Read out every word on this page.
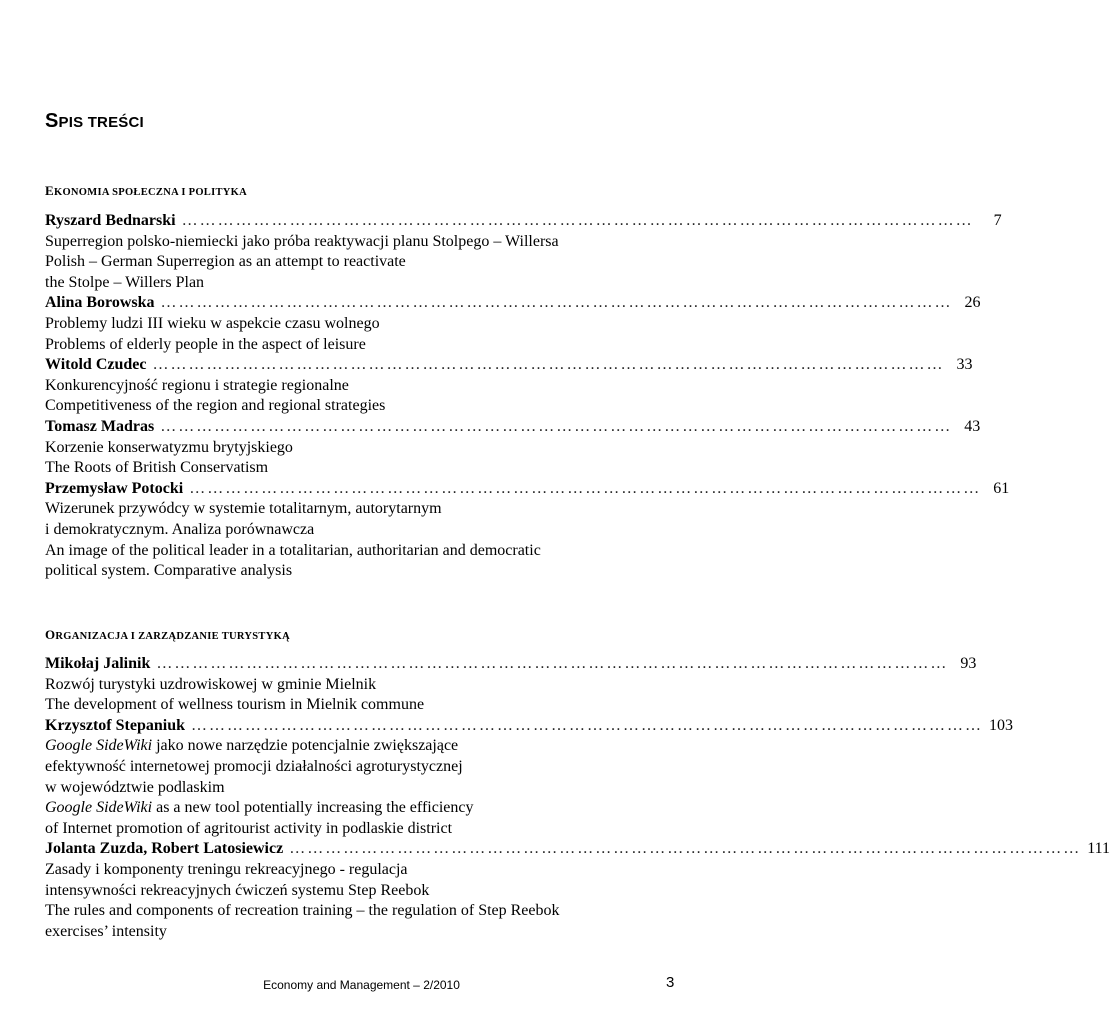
SPIS TREŚCI
EKONOMIA SPOŁECZNA I POLITYKA
Ryszard Bednarski ……………………………………………………………………………………………………………………	7
Superregion polsko-niemiecki jako próba reaktywacji planu Stolpego – Willersa
Polish – German Superregion as an attempt to reactivate
the Stolpe – Willers Plan
Alina Borowska …………………………………………………………………………………………………………………… 26
Problemy ludzi III wieku w aspekcie czasu wolnego
Problems of elderly people in the aspect of leisure
Witold Czudec …………………………………………………………………………………………………………………… 33
Konkurencyjność regionu i strategie regionalne
Competitiveness of the region and regional strategies
Tomasz Madras …………………………………………………………………………………………………………………… 43
Korzenie konserwatyzmu brytyjskiego
The Roots of British Conservatism
Przemysław Potocki …………………………………………………………………………………………………………………… 61
Wizerunek przywódcy w systemie totalitarnym, autorytarnym
i demokratycznym. Analiza porównawcza
An image of the political leader in a totalitarian, authoritarian and democratic
political system. Comparative analysis
ORGANIZACJA I ZARZĄDZANIE TURYSTYKĄ
Mikołaj Jalinik …………………………………………………………………………………………………………………… 93
Rozwój turystyki uzdrowiskowej w gminie Mielnik
The development of wellness tourism in Mielnik commune
Krzysztof Stepaniuk …………………………………………………………………………………………………………………… 103
Google SideWiki jako nowe narzędzie potencjalnie zwiększające
efektywność internetowej promocji działalności agroturystycznej
w województwie podlaskim
Google SideWiki as a new tool potentially increasing the efficiency
of Internet promotion of agritourist activity in podlaskie district
Jolanta Zuzda, Robert Latosiewicz …………………………………………………………………………………………………………………… 111
Zasady i komponenty treningu rekreacyjnego - regulacja
intensywności rekreacyjnych ćwiczeń systemu Step Reebok
The rules and components of recreation training – the regulation of Step Reebok
exercises’ intensity
Economy and Management – 2/2010	3
